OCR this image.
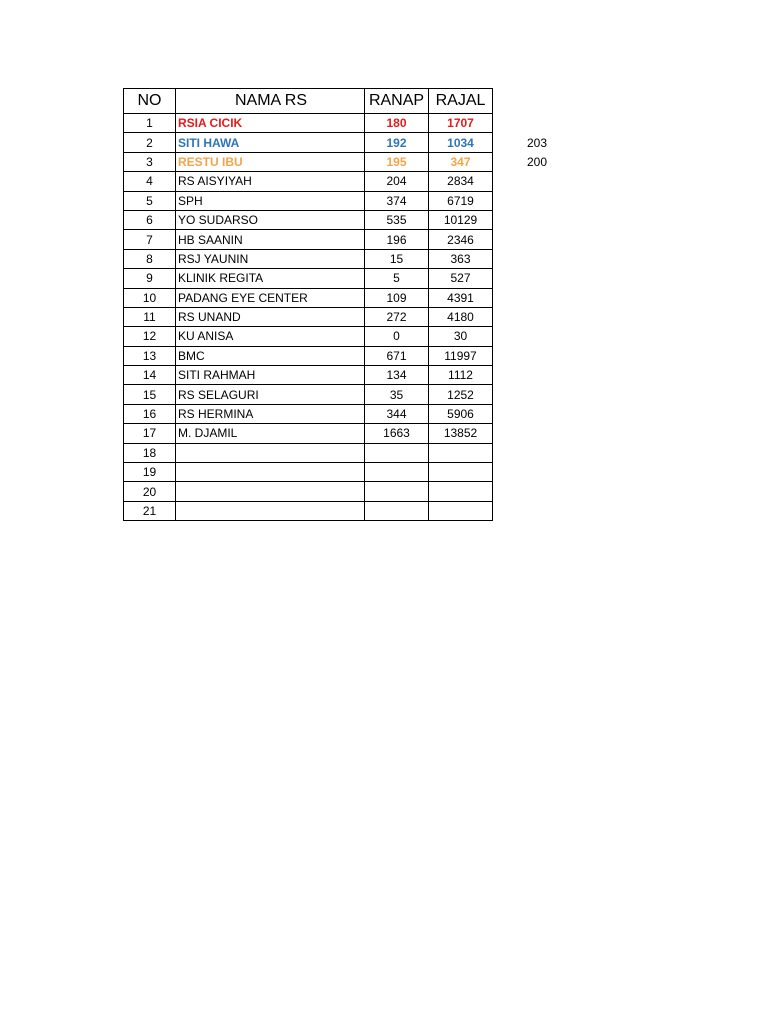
NO	NAMA RS	RANAP	RAJAL
1	RSIA CICIK	180	1707
2	SITI HAWA	192	1034
3	RESTU IBU	195	347
4	RS AISYIYAH	204	2834
5	SPH	374	6719
6	YO SUDARSO	535	10129
7	HB SAANIN	196	2346
8	RSJ YAUNIN	15	363
9	KLINIK REGITA	5	527
10	PADANG EYE CENTER	109	4391
11	RS UNAND	272	4180
12	KU ANISA	0	30
13	BMC	671	11997
14	SITI RAHMAH	134	1112
15	RS SELAGURI	35	1252
16	RS HERMINA	344	5906
17	M. DJAMIL	1663	13852
18			
19			
20			
21			
203
200
